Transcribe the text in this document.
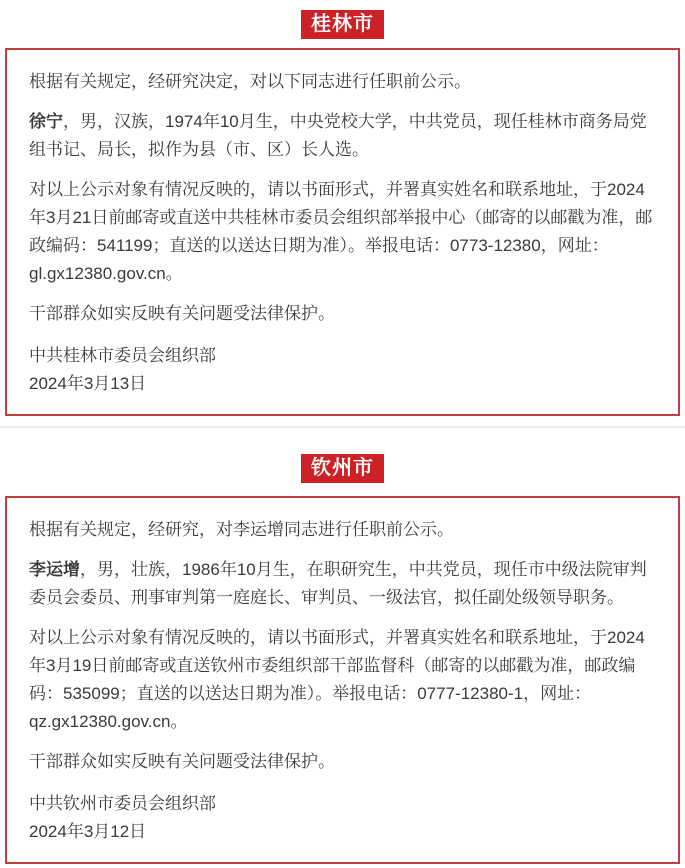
桂林市

根据有关规定，经研究决定，对以下同志进行任职前公示。

徐宁，男，汉族，1974年10月生，中央党校大学，中共党员，现任桂林市商务局党组书记、局长，拟作为县（市、区）长人选。

对以上公示对象有情况反映的，请以书面形式，并署真实姓名和联系地址，于2024年3月21日前邮寄或直送中共桂林市委员会组织部举报中心（邮寄的以邮戳为准，邮政编码：541199；直送的以送达日期为准）。举报电话：0773-12380，网址：gl.gx12380.gov.cn。

干部群众如实反映有关问题受法律保护。

中共桂林市委员会组织部

2024年3月13日

钦州市

根据有关规定，经研究，对李运增同志进行任职前公示。

李运增，男，壮族，1986年10月生，在职研究生，中共党员，现任市中级法院审判委员会委员、刑事审判第一庭庭长、审判员、一级法官，拟任副处级领导职务。

对以上公示对象有情况反映的，请以书面形式，并署真实姓名和联系地址，于2024年3月19日前邮寄或直送钦州市委组织部干部监督科（邮寄的以邮戳为准，邮政编码：535099；直送的以送达日期为准）。举报电话：0777-12380-1，网址：qz.gx12380.gov.cn。

干部群众如实反映有关问题受法律保护。

中共钦州市委员会组织部

2024年3月12日
